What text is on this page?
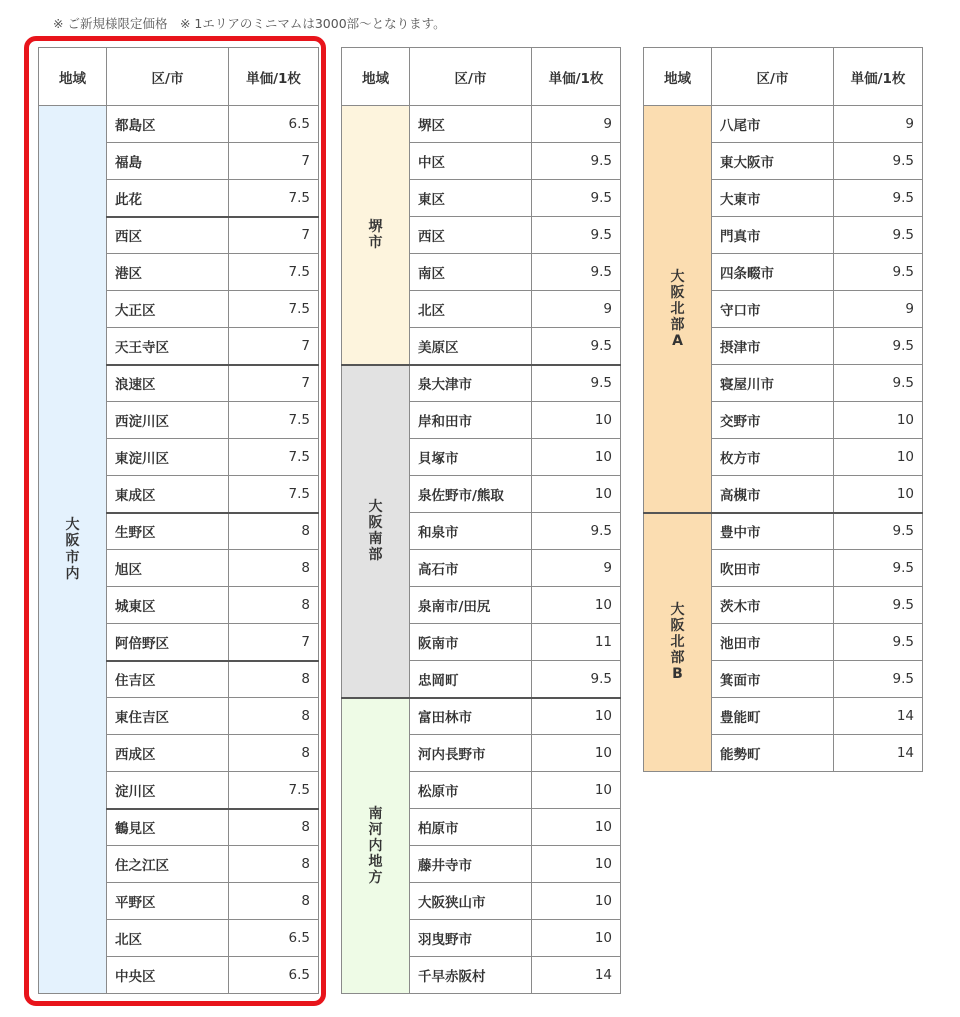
※ ご新規様限定価格　※ 1エリアのミニマムは3000部〜となります。
地域	区/市	単価/1枚
大阪市内	都島区	6.5
	福島	7
	此花	7.5
	西区	7
	港区	7.5
	大正区	7.5
	天王寺区	7
	浪速区	7
	西淀川区	7.5
	東淀川区	7.5
	東成区	7.5
	生野区	8
	旭区	8
	城東区	8
	阿倍野区	7
	住吉区	8
	東住吉区	8
	西成区	8
	淀川区	7.5
	鶴見区	8
	住之江区	8
	平野区	8
	北区	6.5
	中央区	6.5
地域	区/市	単価/1枚
堺市	堺区	9
	中区	9.5
	東区	9.5
	西区	9.5
	南区	9.5
	北区	9
	美原区	9.5
大阪南部	泉大津市	9.5
	岸和田市	10
	貝塚市	10
	泉佐野市/熊取	10
	和泉市	9.5
	高石市	9
	泉南市/田尻	10
	阪南市	11
	忠岡町	9.5
南河内地方	富田林市	10
	河内長野市	10
	松原市	10
	柏原市	10
	藤井寺市	10
	大阪狭山市	10
	羽曳野市	10
	千早赤阪村	14
地域	区/市	単価/1枚
大阪北部A	八尾市	9
	東大阪市	9.5
	大東市	9.5
	門真市	9.5
	四条畷市	9.5
	守口市	9
	摂津市	9.5
	寝屋川市	9.5
	交野市	10
	枚方市	10
	高槻市	10
大阪北部B	豊中市	9.5
	吹田市	9.5
	茨木市	9.5
	池田市	9.5
	箕面市	9.5
	豊能町	14
	能勢町	14
